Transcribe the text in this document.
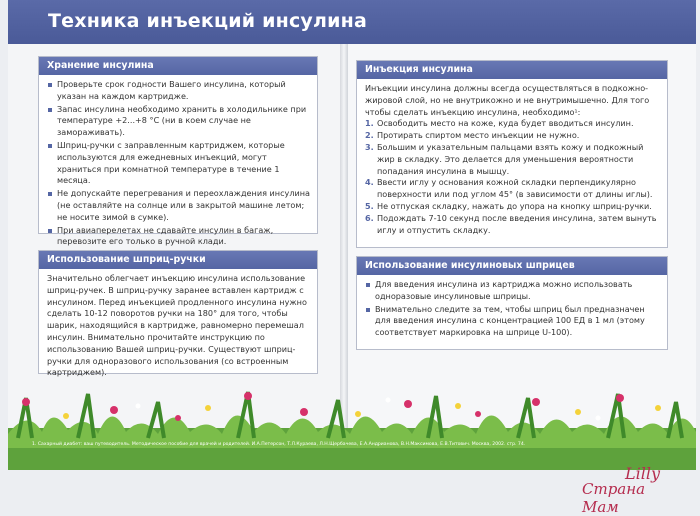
Техника инъекций инсулина
Хранение инсулина
Проверьте срок годности Вашего инсулина, который указан на каждом картридже.
Запас инсулина необходимо хранить в холодильнике при температуре +2...+8 °С (ни в коем случае не замораживать).
Шприц-ручки с заправленным картриджем, которые используются для ежедневных инъекций, могут храниться при комнатной температуре в течение 1 месяца.
Не допускайте перегревания и переохлаждения инсулина (не оставляйте на солнце или в закрытой машине летом; не носите зимой в сумке).
При авиаперелетах не сдавайте инсулин в багаж, перевозите его только в ручной клади.
Использование шприц-ручки

Значительно облегчает инъекцию инсулина использование шприц-ручек. В шприц-ручку заранее вставлен картридж с инсулином. Перед инъекцией продленного инсулина нужно сделать 10-12 поворотов ручки на 180° для того, чтобы шарик, находящийся в картридже, равномерно перемешал инсулин. Внимательно прочитайте инструкцию по использованию Вашей шприц-ручки. Существуют шприц-ручки для одноразового использования (со встроенным картриджем).

Инъекция инсулина

Инъекции инсулина должны всегда осуществляться в подкожно-жировой слой, но не внутрикожно и не внутримышечно. Для того чтобы сделать инъекцию инсулина, необходимо¹:

1. Освободить место на коже, куда будет вводиться инсулин.
2. Протирать спиртом место инъекции не нужно.
3. Большим и указательным пальцами взять кожу и подкожный жир в складку. Это делается для уменьшения вероятности попадания инсулина в мышцу.
4. Ввести иглу у основания кожной складки перпендикулярно поверхности или под углом 45° (в зависимости от длины иглы).
5. Не отпуская складку, нажать до упора на кнопку шприц-ручки.
6. Подождать 7-10 секунд после введения инсулина, затем вынуть иглу и отпустить складку.
Использование инсулиновых шприцев
Для введения инсулина из картриджа можно использовать одноразовые инсулиновые шприцы.
Внимательно следите за тем, чтобы шприц был предназначен для введения инсулина с концентрацией 100 ЕД в 1 мл (этому соответствует маркировка на шприце U-100).
1. Сахарный диабет: ваш путеводитель. Методическое пособие для врачей и родителей. И.А.Петерсон, Т.Л.Кураева, Л.Н.Щербачева, Е.А.Андрианова, В.Н.Максимова, Е.В.Титович. Москва, 2002. стр. 74.
Lilly
Страна Мам
